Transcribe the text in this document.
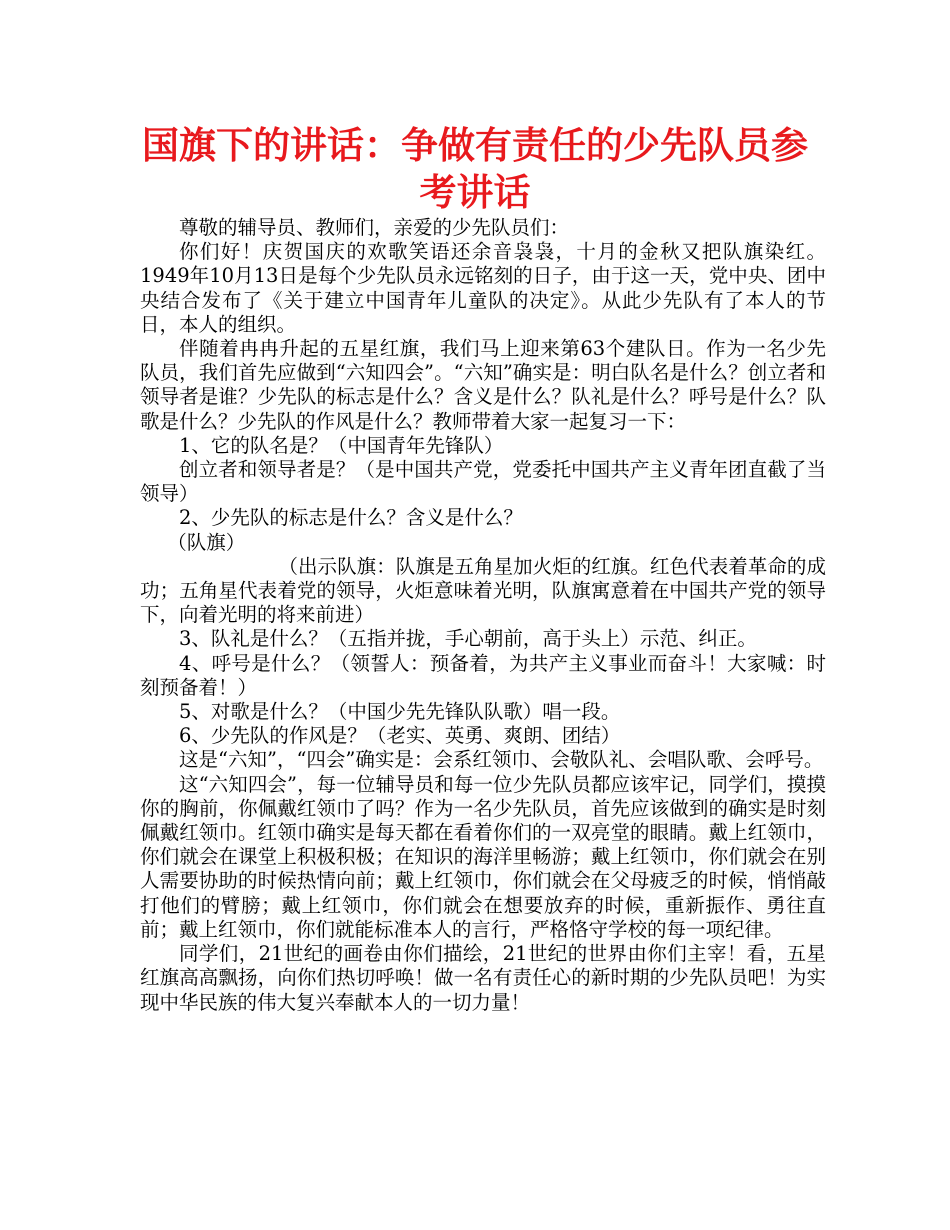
国旗下的讲话：争做有责任的少先队员参考讲话

尊敬的辅导员、教师们，亲爱的少先队员们：

你们好！庆贺国庆的欢歌笑语还余音袅袅，十月的金秋又把队旗染红。1949年10月13日是每个少先队员永远铭刻的日子，由于这一天，党中央、团中央结合发布了《关于建立中国青年儿童队的决定》。从此少先队有了本人的节日，本人的组织。

伴随着冉冉升起的五星红旗，我们马上迎来第63个建队日。作为一名少先队员，我们首先应做到“六知四会”。“六知”确实是：明白队名是什么？创立者和领导者是谁？少先队的标志是什么？含义是什么？队礼是什么？呼号是什么？队歌是什么？少先队的作风是什么？教师带着大家一起复习一下：

1、它的队名是？（中国青年先锋队）

创立者和领导者是？（是中国共产党，党委托中国共产主义青年团直截了当领导）

2、少先队的标志是什么？含义是什么？

（队旗）

（出示队旗：队旗是五角星加火炬的红旗。红色代表着革命的成功；五角星代表着党的领导，火炬意味着光明，队旗寓意着在中国共产党的领导下，向着光明的将来前进）

3、队礼是什么？（五指并拢，手心朝前，高于头上）示范、纠正。

4、呼号是什么？（领誓人：预备着，为共产主义事业而奋斗！大家喊：时刻预备着！）

5、对歌是什么？（中国少先先锋队队歌）唱一段。

6、少先队的作风是？（老实、英勇、爽朗、团结）

这是“六知”，“四会”确实是：会系红领巾、会敬队礼、会唱队歌、会呼号。

这“六知四会”，每一位辅导员和每一位少先队员都应该牢记，同学们，摸摸你的胸前，你佩戴红领巾了吗？作为一名少先队员，首先应该做到的确实是时刻佩戴红领巾。红领巾确实是每天都在看着你们的一双亮堂的眼睛。戴上红领巾，你们就会在课堂上积极积极；在知识的海洋里畅游；戴上红领巾，你们就会在别人需要协助的时候热情向前；戴上红领巾，你们就会在父母疲乏的时候，悄悄敲打他们的臂膀；戴上红领巾，你们就会在想要放弃的时候，重新振作、勇往直前；戴上红领巾，你们就能标准本人的言行，严格恪守学校的每一项纪律。

同学们，21世纪的画卷由你们描绘，21世纪的世界由你们主宰！看，五星红旗高高飘扬，向你们热切呼唤！做一名有责任心的新时期的少先队员吧！为实现中华民族的伟大复兴奉献本人的一切力量！
